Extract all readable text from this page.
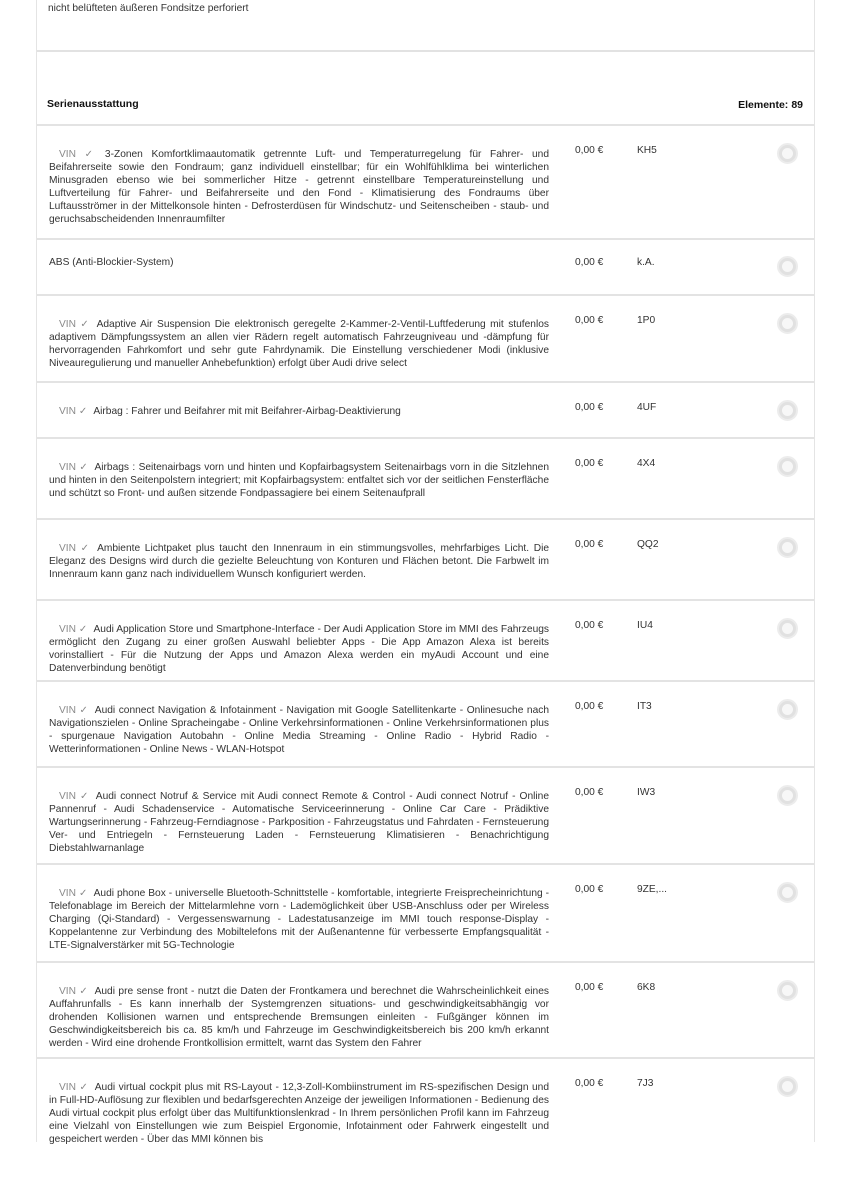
nicht belüfteten äußeren Fondsitze perforiert
Serienausstattung	Elemente: 89
VIN ✓ 3-Zonen Komfortklimaautomatik getrennte Luft- und Temperaturregelung für Fahrer- und Beifahrerseite sowie den Fondraum; ganz individuell einstellbar; für ein Wohlfühlklima bei winterlichen Minusgraden ebenso wie bei sommerlicher Hitze - getrennt einstellbare Temperatureinstellung und Luftverteilung für Fahrer- und Beifahrerseite und den Fond - Klimatisierung des Fondraums über Luftausströmer in der Mittelkonsole hinten - Defrosterdüsen für Windschutz- und Seitenscheiben - staub- und geruchsabscheidenden Innenraumfilter
0,00 €	KH5
ABS (Anti-Blockier-System)	0,00 €	k.A.
VIN ✓ Adaptive Air Suspension Die elektronisch geregelte 2-Kammer-2-Ventil-Luftfederung mit stufenlos adaptivem Dämpfungssystem an allen vier Rädern regelt automatisch Fahrzeugniveau und -dämpfung für hervorragenden Fahrkomfort und sehr gute Fahrdynamik. Die Einstellung verschiedener Modi (inklusive Niveauregulierung und manueller Anhebefunktion) erfolgt über Audi drive select
0,00 €	1P0
VIN ✓ Airbag : Fahrer und Beifahrer mit mit Beifahrer-Airbag-Deaktivierung	0,00 €	4UF
VIN ✓ Airbags : Seitenairbags vorn und hinten und Kopfairbagsystem Seitenairbags vorn in die Sitzlehnen und hinten in den Seitenpolstern integriert; mit Kopfairbagsystem: entfaltet sich vor der seitlichen Fensterfläche und schützt so Front- und außen sitzende Fondpassagiere bei einem Seitenaufprall
0,00 €	4X4
VIN ✓ Ambiente Lichtpaket plus taucht den Innenraum in ein stimmungsvolles, mehrfarbiges Licht. Die Eleganz des Designs wird durch die gezielte Beleuchtung von Konturen und Flächen betont. Die Farbwelt im Innenraum kann ganz nach individuellem Wunsch konfiguriert werden.
0,00 €	QQ2
VIN ✓ Audi Application Store und Smartphone-Interface - Der Audi Application Store im MMI des Fahrzeugs ermöglicht den Zugang zu einer großen Auswahl beliebter Apps - Die App Amazon Alexa ist bereits vorinstalliert - Für die Nutzung der Apps und Amazon Alexa werden ein myAudi Account und eine Datenverbindung benötigt
0,00 €	IU4
VIN ✓ Audi connect Navigation & Infotainment - Navigation mit Google Satellitenkarte - Onlinesuche nach Navigationszielen - Online Spracheingabe - Online Verkehrsinformationen - Online Verkehrsinformationen plus - spurgenaue Navigation Autobahn - Online Media Streaming - Online Radio - Hybrid Radio - Wetterinformationen - Online News - WLAN-Hotspot
0,00 €	IT3
VIN ✓ Audi connect Notruf & Service mit Audi connect Remote & Control - Audi connect Notruf - Online Pannenruf - Audi Schadenservice - Automatische Serviceerinnerung - Online Car Care - Prädiktive Wartungserinnerung - Fahrzeug-Ferndiagnose - Parkposition - Fahrzeugstatus und Fahrdaten - Fernsteuerung Ver- und Entriegeln - Fernsteuerung Laden - Fernsteuerung Klimatisieren - Benachrichtigung Diebstahlwarnanlage
0,00 €	IW3
VIN ✓ Audi phone Box - universelle Bluetooth-Schnittstelle - komfortable, integrierte Freisprecheinrichtung - Telefonablage im Bereich der Mittelarmlehne vorn - Lademöglichkeit über USB-Anschluss oder per Wireless Charging (Qi-Standard) - Vergessenswarnung - Ladestatusanzeige im MMI touch response-Display - Koppelantenne zur Verbindung des Mobiltelefons mit der Außenantenne für verbesserte Empfangsqualität - LTE-Signalverstärker mit 5G-Technologie
0,00 €	9ZE,...
VIN ✓ Audi pre sense front - nutzt die Daten der Frontkamera und berechnet die Wahrscheinlichkeit eines Auffahrunfalls - Es kann innerhalb der Systemgrenzen situations- und geschwindigkeitsabhängig vor drohenden Kollisionen warnen und entsprechende Bremsungen einleiten - Fußgänger können im Geschwindigkeitsbereich bis ca. 85 km/h und Fahrzeuge im Geschwindigkeitsbereich bis 200 km/h erkannt werden - Wird eine drohende Frontkollision ermittelt, warnt das System den Fahrer
0,00 €	6K8
VIN ✓ Audi virtual cockpit plus mit RS-Layout - 12,3-Zoll-Kombiinstrument im RS-spezifischen Design und in Full-HD-Auflösung zur flexiblen und bedarfsgerechten Anzeige der jeweiligen Informationen - Bedienung des Audi virtual cockpit plus erfolgt über das Multifunktionslenkrad - In Ihrem persönlichen Profil kann im Fahrzeug eine Vielzahl von Einstellungen wie zum Beispiel Ergonomie, Infotainment oder Fahrwerk eingestellt und gespeichert werden - Über das MMI können bis
0,00 €	7J3
